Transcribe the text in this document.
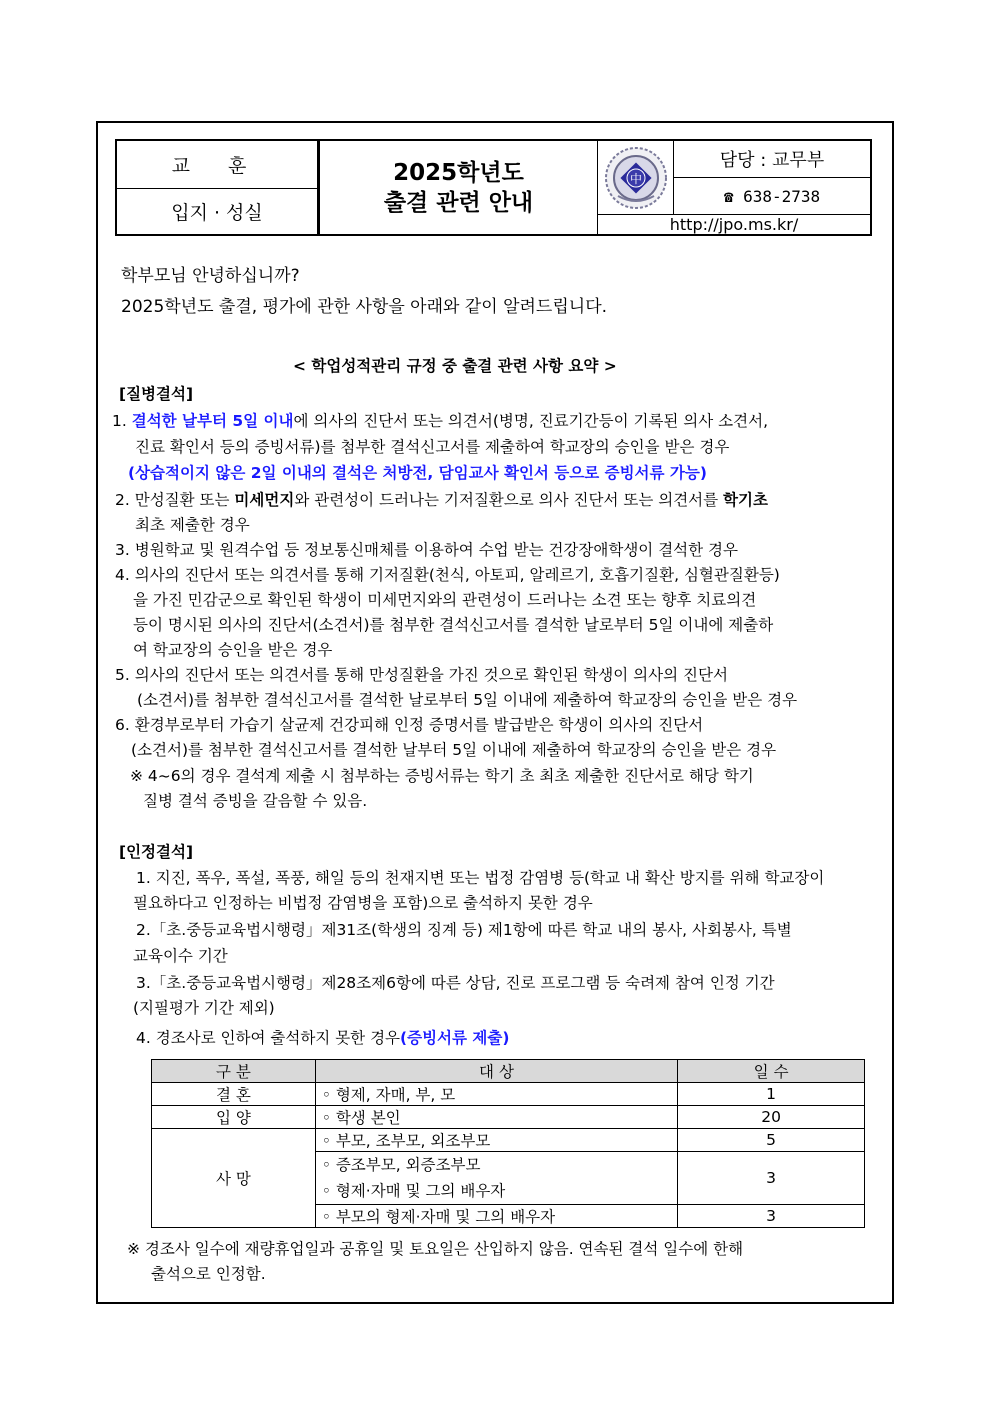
교 훈
입지 · 성실
2025학년도
출결 관련 안내
中
담당 : 교무부
☎ 638-2738
http://jpo.ms.kr/
학부모님 안녕하십니까?
2025학년도 출결, 평가에 관한 사항을 아래와 같이 알려드립니다.
< 학업성적관리 규정 중 출결 관련 사항 요약 >
[질병결석]
1. 결석한 날부터 5일 이내에 의사의 진단서 또는 의견서(병명, 진료기간등이 기록된 의사 소견서,
진료 확인서 등의 증빙서류)를 첨부한 결석신고서를 제출하여 학교장의 승인을 받은 경우
(상습적이지 않은 2일 이내의 결석은 처방전, 담임교사 확인서 등으로 증빙서류 가능)
2. 만성질환 또는 미세먼지와 관련성이 드러나는 기저질환으로 의사 진단서 또는 의견서를 학기초
최초 제출한 경우
3. 병원학교 및 원격수업 등 정보통신매체를 이용하여 수업 받는 건강장애학생이 결석한 경우
4. 의사의 진단서 또는 의견서를 통해 기저질환(천식, 아토피, 알레르기, 호흡기질환, 심혈관질환등)
을 가진 민감군으로 확인된 학생이 미세먼지와의 관련성이 드러나는 소견 또는 향후 치료의견
등이 명시된 의사의 진단서(소견서)를 첨부한 결석신고서를 결석한 날로부터 5일 이내에 제출하
여 학교장의 승인을 받은 경우
5. 의사의 진단서 또는 의견서를 통해 만성질환을 가진 것으로 확인된 학생이 의사의 진단서
(소견서)를 첨부한 결석신고서를 결석한 날로부터 5일 이내에 제출하여 학교장의 승인을 받은 경우
6. 환경부로부터 가습기 살균제 건강피해 인정 증명서를 발급받은 학생이 의사의 진단서
(소견서)를 첨부한 결석신고서를 결석한 날부터 5일 이내에 제출하여 학교장의 승인을 받은 경우
※ 4~6의 경우 결석계 제출 시 첨부하는 증빙서류는 학기 초 최초 제출한 진단서로 해당 학기
질병 결석 증빙을 갈음할 수 있음.
[인정결석]
1. 지진, 폭우, 폭설, 폭풍, 해일 등의 천재지변 또는 법정 감염병 등(학교 내 확산 방지를 위해 학교장이
필요하다고 인정하는 비법정 감염병을 포함)으로 출석하지 못한 경우
2.「초.중등교육법시행령」제31조(학생의 징계 등) 제1항에 따른 학교 내의 봉사, 사회봉사, 특별
교육이수 기간
3.「초.중등교육법시행령」제28조제6항에 따른 상담, 진로 프로그램 등 숙려제 참여 인정 기간
(지필평가 기간 제외)
4. 경조사로 인하여 출석하지 못한 경우(증빙서류 제출)
구 분	대 상	일 수
결 혼	◦ 형제, 자매, 부, 모	1
입 양	◦ 학생 본인	20
사 망	◦ 부모, 조부모, 외조부모	5

	◦ 증조부모, 외증조부모
◦ 형제·자매 및 그의 배우자	3
	◦ 부모의 형제·자매 및 그의 배우자	3
※ 경조사 일수에 재량휴업일과 공휴일 및 토요일은 산입하지 않음. 연속된 결석 일수에 한해
출석으로 인정함.
